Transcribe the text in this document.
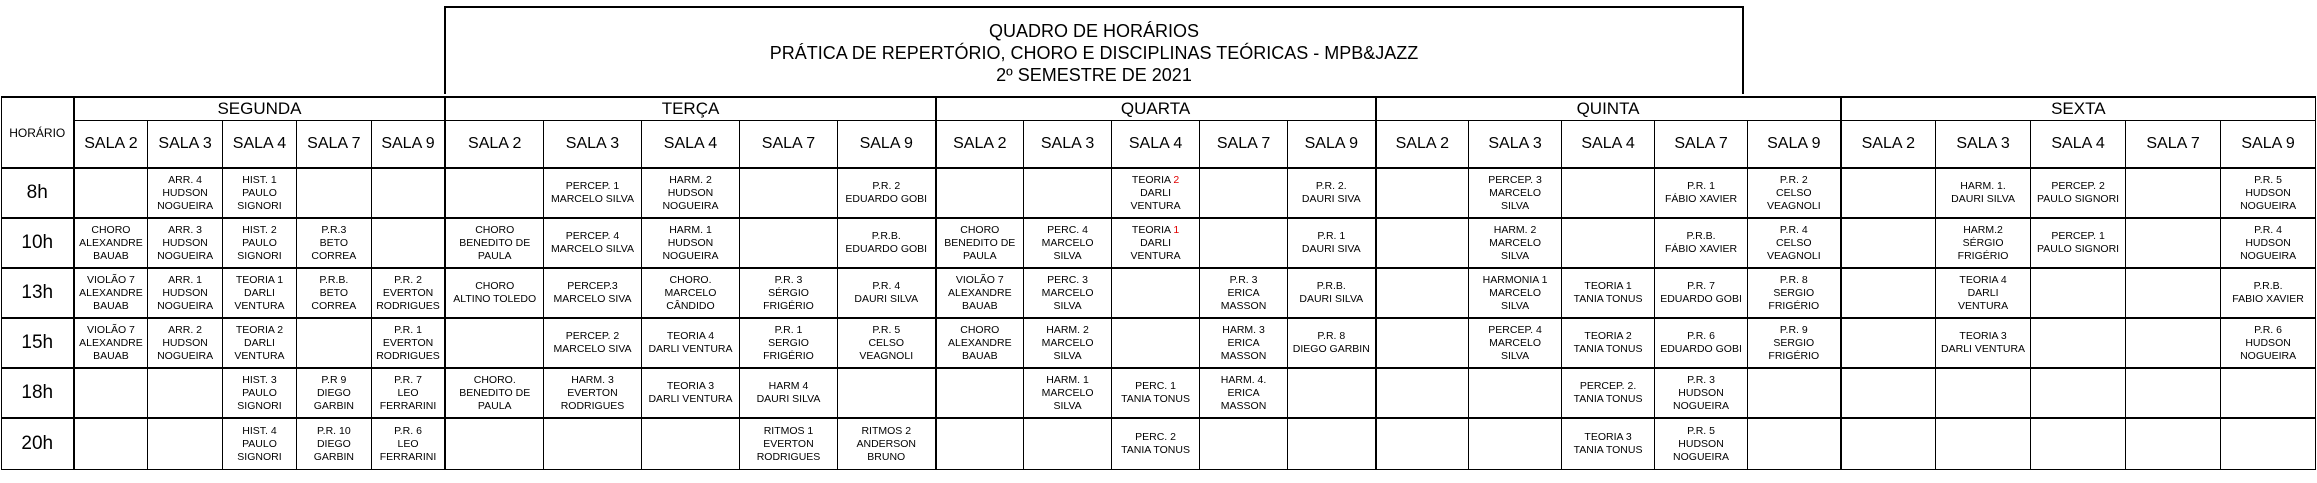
QUADRO DE HORÁRIOS
PRÁTICA DE REPERTÓRIO, CHORO E DISCIPLINAS TEÓRICAS - MPB&JAZZ
2º SEMESTRE DE 2021
HORÁRIO	SEGUNDA					TERÇA					QUARTA					QUINTA					SEXTA				
	SALA 2	SALA 3	SALA 4	SALA 7	SALA 9	SALA 2	SALA 3	SALA 4	SALA 7	SALA 9	SALA 2	SALA 3	SALA 4	SALA 7	SALA 9	SALA 2	SALA 3	SALA 4	SALA 7	SALA 9	SALA 2	SALA 3	SALA 4	SALA 7	SALA 9
8h		ARR. 4
HUDSON
NOGUEIRA	HIST. 1
PAULO
SIGNORI				PERCEP. 1
MARCELO SILVA	HARM. 2
HUDSON
NOGUEIRA		P.R. 2
EDUARDO GOBI			TEORIA 2
DARLI
VENTURA		P.R. 2.
DAURI SIVA		PERCEP. 3
MARCELO
SILVA		P.R. 1
FÁBIO XAVIER	P.R. 2
CELSO
VEAGNOLI		HARM. 1.
DAURI SILVA	PERCEP. 2
PAULO SIGNORI		P.R. 5
HUDSON
NOGUEIRA
10h	CHORO
ALEXANDRE
BAUAB	ARR. 3
HUDSON
NOGUEIRA	HIST. 2
PAULO
SIGNORI	P.R.3
BETO
CORREA		CHORO
BENEDITO DE
PAULA	PERCEP. 4
MARCELO SILVA	HARM. 1
HUDSON
NOGUEIRA		P.R.B.
EDUARDO GOBI	CHORO
BENEDITO DE
PAULA	PERC. 4
MARCELO
SILVA	TEORIA 1
DARLI
VENTURA		P.R. 1
DAURI SIVA		HARM. 2
MARCELO
SILVA		P.R.B.
FÁBIO XAVIER	P.R. 4
CELSO
VEAGNOLI		HARM.2
SÉRGIO
FRIGÉRIO	PERCEP. 1
PAULO SIGNORI		P.R. 4
HUDSON
NOGUEIRA
13h	VIOLÃO 7
ALEXANDRE
BAUAB	ARR. 1
HUDSON
NOGUEIRA	TEORIA 1
DARLI
VENTURA	P.R.B.
BETO
CORREA	P.R. 2
EVERTON
RODRIGUES	CHORO
ALTINO TOLEDO	PERCEP.3
MARCELO SIVA	CHORO.
MARCELO
CÂNDIDO	P.R. 3
SÉRGIO
FRIGÉRIO	P.R. 4
DAURI SILVA	VIOLÃO 7
ALEXANDRE
BAUAB	PERC. 3
MARCELO
SILVA		P.R. 3
ERICA
MASSON	P.R.B.
DAURI SILVA		HARMONIA 1
MARCELO
SILVA	TEORIA 1
TANIA TONUS	P.R. 7
EDUARDO GOBI	P.R. 8
SERGIO
FRIGÉRIO		TEORIA 4
DARLI
VENTURA			P.R.B.
FABIO XAVIER
15h	VIOLÃO 7
ALEXANDRE
BAUAB	ARR. 2
HUDSON
NOGUEIRA	TEORIA 2
DARLI
VENTURA		P.R. 1
EVERTON
RODRIGUES		PERCEP. 2
MARCELO SIVA	TEORIA 4
DARLI VENTURA	P.R. 1
SERGIO
FRIGÉRIO	P.R. 5
CELSO
VEAGNOLI	CHORO
ALEXANDRE
BAUAB	HARM. 2
MARCELO
SILVA		HARM. 3
ERICA
MASSON	P.R. 8
DIEGO GARBIN		PERCEP. 4
MARCELO
SILVA	TEORIA 2
TANIA TONUS	P.R. 6
EDUARDO GOBI	P.R. 9
SERGIO
FRIGÉRIO		TEORIA 3
DARLI VENTURA			P.R. 6
HUDSON
NOGUEIRA
18h			HIST. 3
PAULO
SIGNORI	P.R 9
DIEGO
GARBIN	P.R. 7
LEO
FERRARINI	CHORO.
BENEDITO DE
PAULA	HARM. 3
EVERTON
RODRIGUES	TEORIA 3
DARLI VENTURA	HARM 4
DAURI SILVA			HARM. 1
MARCELO
SILVA	PERC. 1
TANIA TONUS	HARM. 4.
ERICA
MASSON				PERCEP. 2.
TANIA TONUS	P.R. 3
HUDSON
NOGUEIRA						
20h			HIST. 4
PAULO
SIGNORI	P.R. 10
DIEGO
GARBIN	P.R. 6
LEO
FERRARINI				RITMOS 1
EVERTON
RODRIGUES	RITMOS 2
ANDERSON
BRUNO			PERC. 2
TANIA TONUS					TEORIA 3
TANIA TONUS	P.R. 5
HUDSON
NOGUEIRA						
